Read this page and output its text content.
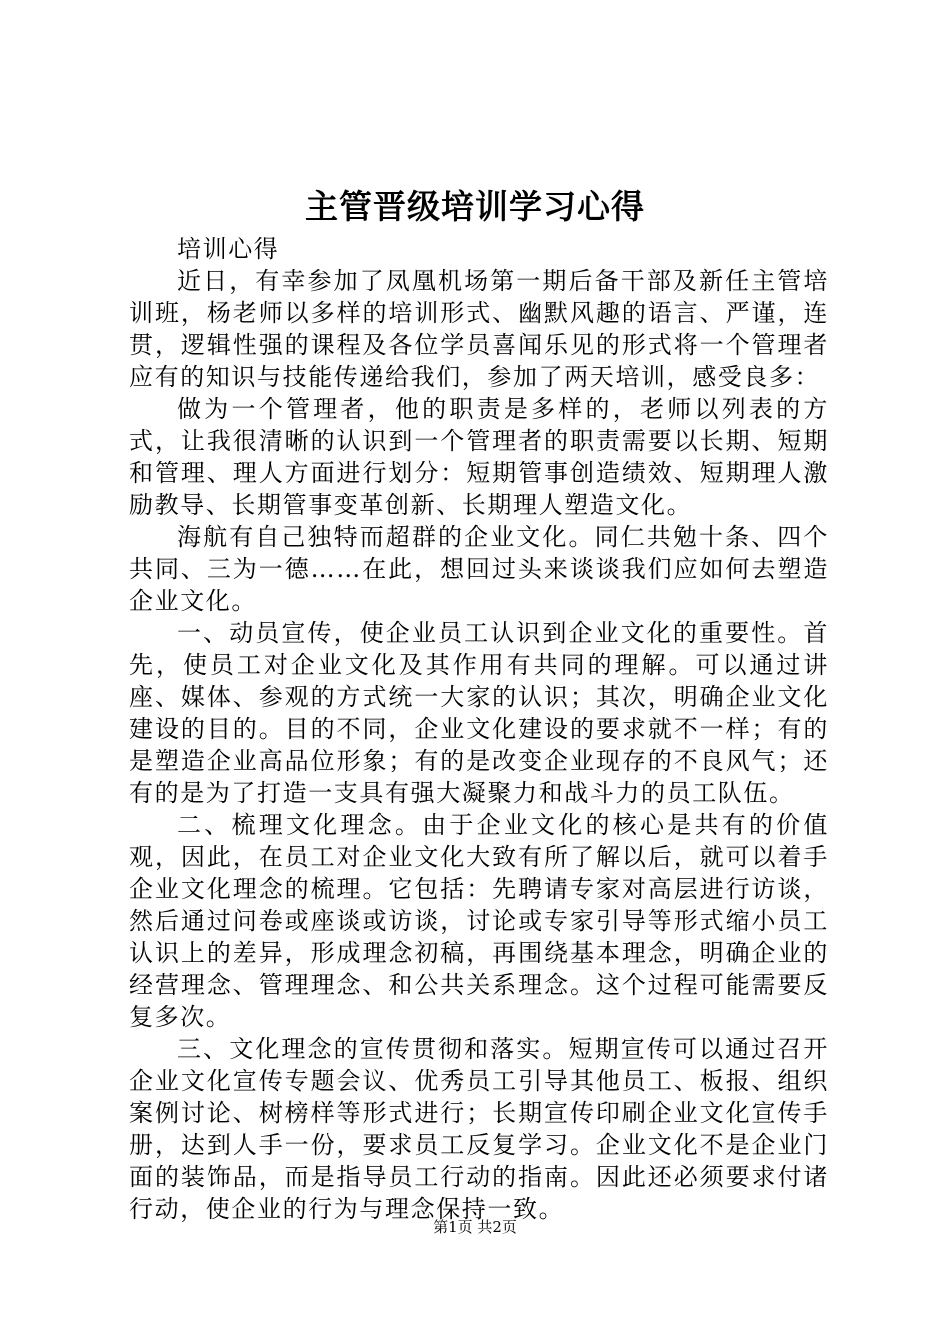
主管晋级培训学习心得

培训心得

近日，有幸参加了凤凰机场第一期后备干部及新任主管培训班，杨老师以多样的培训形式、幽默风趣的语言、严谨，连贯，逻辑性强的课程及各位学员喜闻乐见的形式将一个管理者应有的知识与技能传递给我们，参加了两天培训，感受良多：

做为一个管理者，他的职责是多样的，老师以列表的方式，让我很清晰的认识到一个管理者的职责需要以长期、短期和管理、理人方面进行划分：短期管事创造绩效、短期理人激励教导、长期管事变革创新、长期理人塑造文化。

海航有自己独特而超群的企业文化。同仁共勉十条、四个共同、三为一德……在此，想回过头来谈谈我们应如何去塑造企业文化。

一、动员宣传，使企业员工认识到企业文化的重要性。首先，使员工对企业文化及其作用有共同的理解。可以通过讲座、媒体、参观的方式统一大家的认识；其次，明确企业文化建设的目的。目的不同，企业文化建设的要求就不一样；有的是塑造企业高品位形象；有的是改变企业现存的不良风气；还有的是为了打造一支具有强大凝聚力和战斗力的员工队伍。

二、梳理文化理念。由于企业文化的核心是共有的价值观，因此，在员工对企业文化大致有所了解以后，就可以着手企业文化理念的梳理。它包括：先聘请专家对高层进行访谈，然后通过问卷或座谈或访谈，讨论或专家引导等形式缩小员工认识上的差异，形成理念初稿，再围绕基本理念，明确企业的经营理念、管理理念、和公共关系理念。这个过程可能需要反复多次。

三、文化理念的宣传贯彻和落实。短期宣传可以通过召开企业文化宣传专题会议、优秀员工引导其他员工、板报、组织案例讨论、树榜样等形式进行；长期宣传印刷企业文化宣传手册，达到人手一份，要求员工反复学习。企业文化不是企业门面的装饰品，而是指导员工行动的指南。因此还必须要求付诸行动，使企业的行为与理念保持一致。

第1页 共2页
